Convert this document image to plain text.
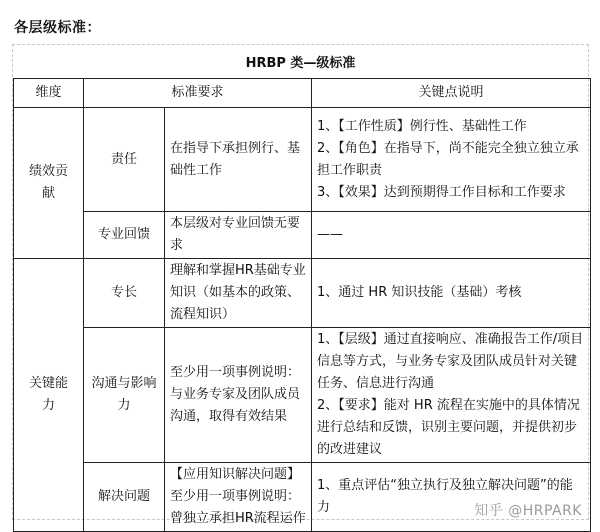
各层级标准：
HRBP 类—级标准
维度	标准要求		关键点说明
绩效贡献	责任	在指导下承担例行、基础性工作	1、【工作性质】例行性、基础性工作
2、【角色】在指导下，尚不能完全独立独立承担工作职责
3、【效果】达到预期得工作目标和工作要求

	专业回馈	本层级对专业回馈无要求	——
关键能力	专长	理解和掌握HR基础专业知识（如基本的政策、流程知识）	1、通过 HR 知识技能（基础）考核
	沟通与影响力	至少用一项事例说明：与业务专家及团队成员沟通，取得有效结果	1、【层级】通过直接响应、准确报告工作/项目信息等方式，与业务专家及团队成员针对关键任务、信息进行沟通
2、【要求】能对 HR 流程在实施中的具体情况进行总结和反馈，识别主要问题，并提供初步的改进建议

	解决问题	【应用知识解决问题】
至少用一项事例说明：曾独立承担HR流程运作	1、重点评估“独立执行及独立解决问题”的能力	知乎 @HRPARK
